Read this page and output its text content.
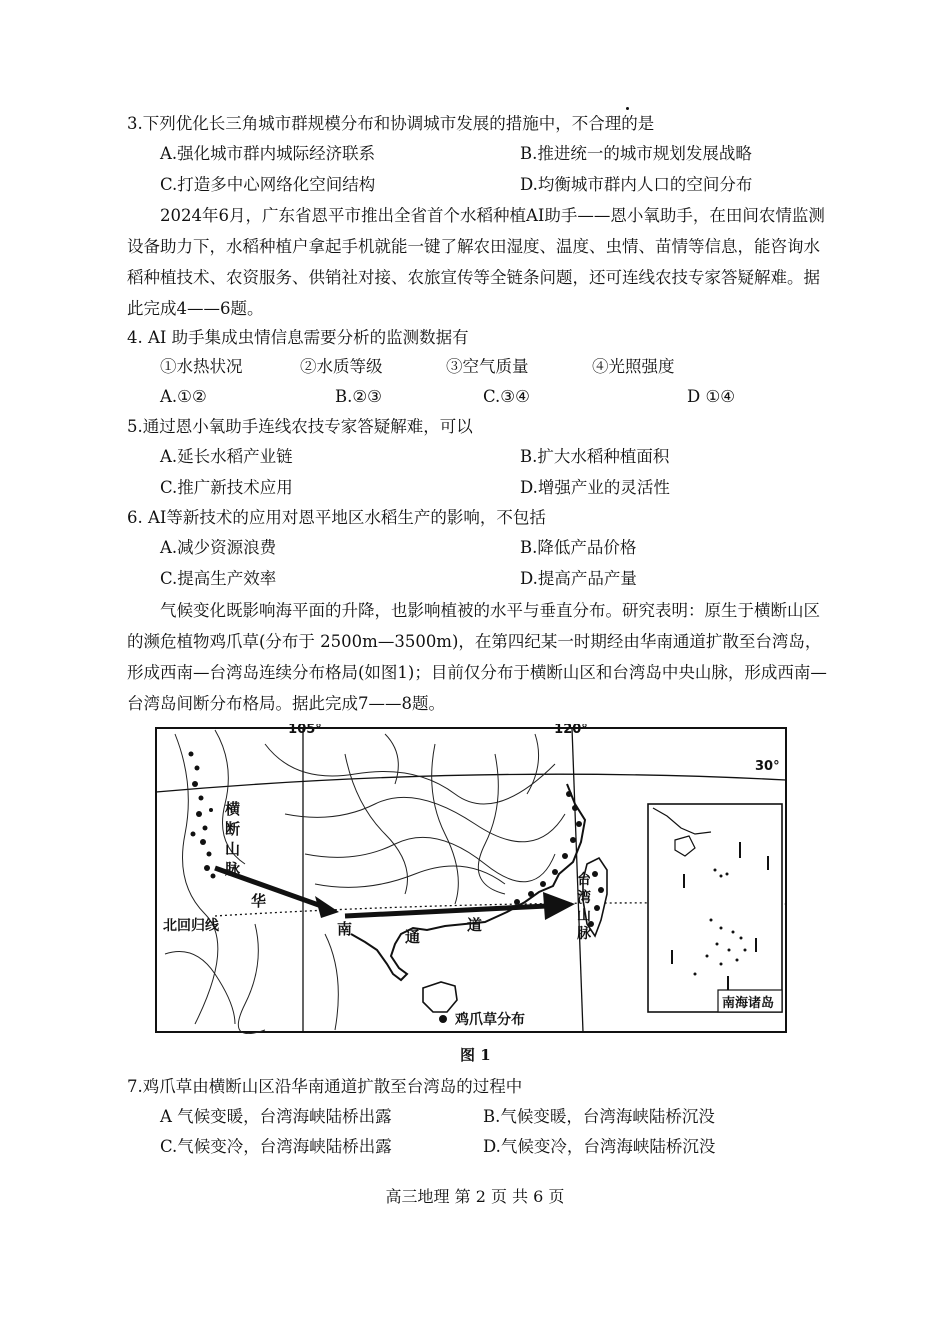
3.下列优化长三角城市群规模分布和协调城市发展的措施中，不合理的是
A.强化城市群内城际经济联系	B.推进统一的城市规划发展战略
C.打造多中心网络化空间结构	D.均衡城市群内人口的空间分布
2024年6月，广东省恩平市推出全省首个水稻种植AI助手——恩小氧助手，在田间农情监测设备助力下，水稻种植户拿起手机就能一键了解农田湿度、温度、虫情、苗情等信息，能咨询水稻种植技术、农资服务、供销社对接、农旅宣传等全链条问题，还可连线农技专家答疑解难。据此完成4——6题。
4. AI 助手集成虫情信息需要分析的监测数据有
①水热状况	②水质等级	③空气质量	④光照强度
A.①②	B.②③	C.③④	D ①④
5.通过恩小氧助手连线农技专家答疑解难，可以
A.延长水稻产业链	B.扩大水稻种植面积
C.推广新技术应用	D.增强产业的灵活性
6. AI等新技术的应用对恩平地区水稻生产的影响，不包括
A.减少资源浪费	B.降低产品价格
C.提高生产效率	D.提高产品产量
气候变化既影响海平面的升降，也影响植被的水平与垂直分布。研究表明：原生于横断山区的濒危植物鸡爪草(分布于 2500m—3500m)，在第四纪某一时期经由华南通道扩散至台湾岛，形成西南—台湾岛连续分布格局(如图1)；目前仅分布于横断山区和台湾岛中央山脉，形成西南—台湾岛间断分布格局。据此完成7——8题。
105°	120°
30°
北回归线
横
断
山
脉
华
南	通
道
台
湾
山
脉
鸡爪草分布
南海诸岛
图 1
7.鸡爪草由横断山区沿华南通道扩散至台湾岛的过程中
A 气候变暖，台湾海峡陆桥出露	B.气候变暖，台湾海峡陆桥沉没
C.气候变冷，台湾海峡陆桥出露	D.气候变冷，台湾海峡陆桥沉没
高三地理 第 2 页 共 6 页
